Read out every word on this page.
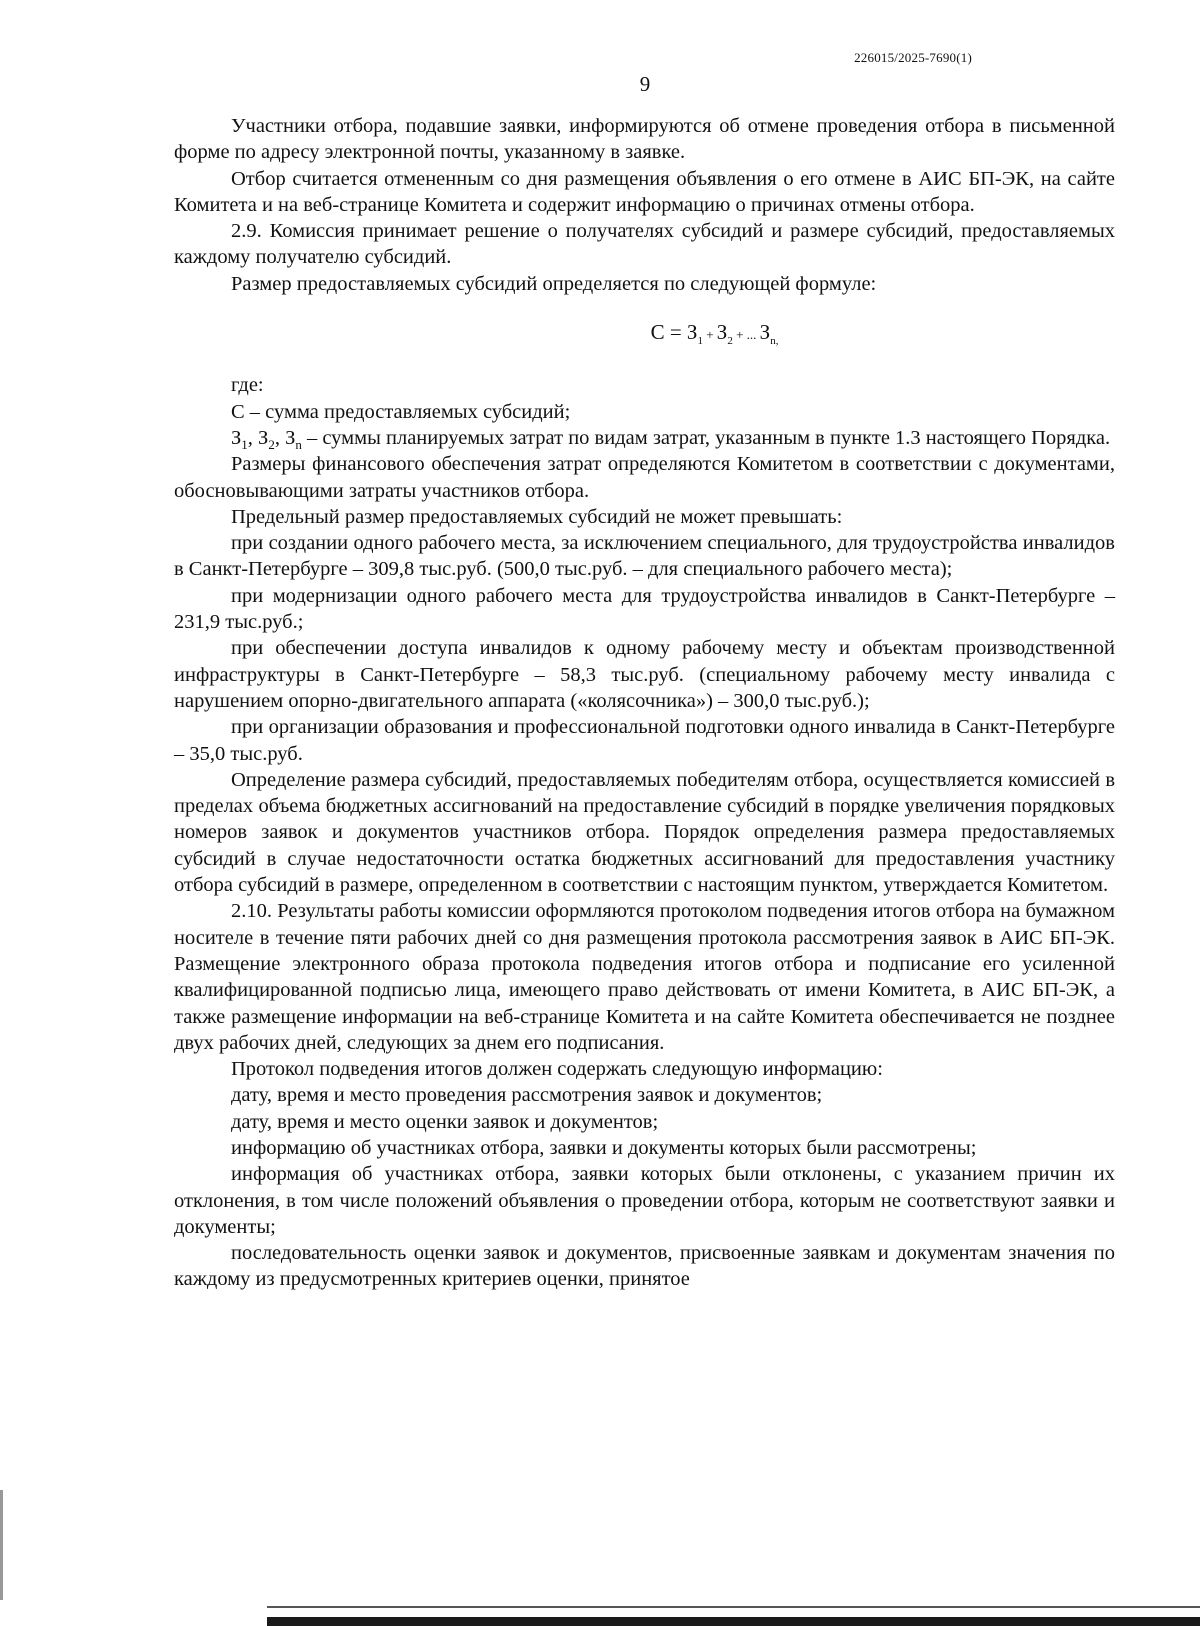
226015/2025-7690(1)
9

Участники отбора, подавшие заявки, информируются об отмене проведения отбора в письменной форме по адресу электронной почты, указанному в заявке.

Отбор считается отмененным со дня размещения объявления о его отмене в АИС БП-ЭК, на сайте Комитета и на веб-странице Комитета и содержит информацию о причинах отмены отбора.

2.9. Комиссия принимает решение о получателях субсидий и размере субсидий, предоставляемых каждому получателю субсидий.

Размер предоставляемых субсидий определяется по следующей формуле:

$С = З_1 + З_2$ + ... $З_{n,}$

где:

С – сумма предоставляемых субсидий;

$З_1$, $З_2$, $З_n$ – суммы планируемых затрат по видам затрат, указанным в пункте 1.3 настоящего Порядка.

Размеры финансового обеспечения затрат определяются Комитетом в соответствии с документами, обосновывающими затраты участников отбора.

Предельный размер предоставляемых субсидий не может превышать:

при создании одного рабочего места, за исключением специального, для трудоустройства инвалидов в Санкт-Петербурге – 309,8 тыс.руб. (500,0 тыс.руб. – для специального рабочего места);

при модернизации одного рабочего места для трудоустройства инвалидов в Санкт-Петербурге – 231,9 тыс.руб.;

при обеспечении доступа инвалидов к одному рабочему месту и объектам производственной инфраструктуры в Санкт-Петербурге – 58,3 тыс.руб. (специальному рабочему месту инвалида с нарушением опорно-двигательного аппарата («колясочника») – 300,0 тыс.руб.);

при организации образования и профессиональной подготовки одного инвалида в Санкт-Петербурге – 35,0 тыс.руб.

Определение размера субсидий, предоставляемых победителям отбора, осуществляется комиссией в пределах объема бюджетных ассигнований на предоставление субсидий в порядке увеличения порядковых номеров заявок и документов участников отбора. Порядок определения размера предоставляемых субсидий в случае недостаточности остатка бюджетных ассигнований для предоставления участнику отбора субсидий в размере, определенном в соответствии с настоящим пунктом, утверждается Комитетом.

2.10. Результаты работы комиссии оформляются протоколом подведения итогов отбора на бумажном носителе в течение пяти рабочих дней со дня размещения протокола рассмотрения заявок в АИС БП-ЭК. Размещение электронного образа протокола подведения итогов отбора и подписание его усиленной квалифицированной подписью лица, имеющего право действовать от имени Комитета, в АИС БП-ЭК, а также размещение информации на веб-странице Комитета и на сайте Комитета обеспечивается не позднее двух рабочих дней, следующих за днем его подписания.

Протокол подведения итогов должен содержать следующую информацию:

дату, время и место проведения рассмотрения заявок и документов;

дату, время и место оценки заявок и документов;

информацию об участниках отбора, заявки и документы которых были рассмотрены;

информация об участниках отбора, заявки которых были отклонены, с указанием причин их отклонения, в том числе положений объявления о проведении отбора, которым не соответствуют заявки и документы;

последовательность оценки заявок и документов, присвоенные заявкам и документам значения по каждому из предусмотренных критериев оценки, принятое
